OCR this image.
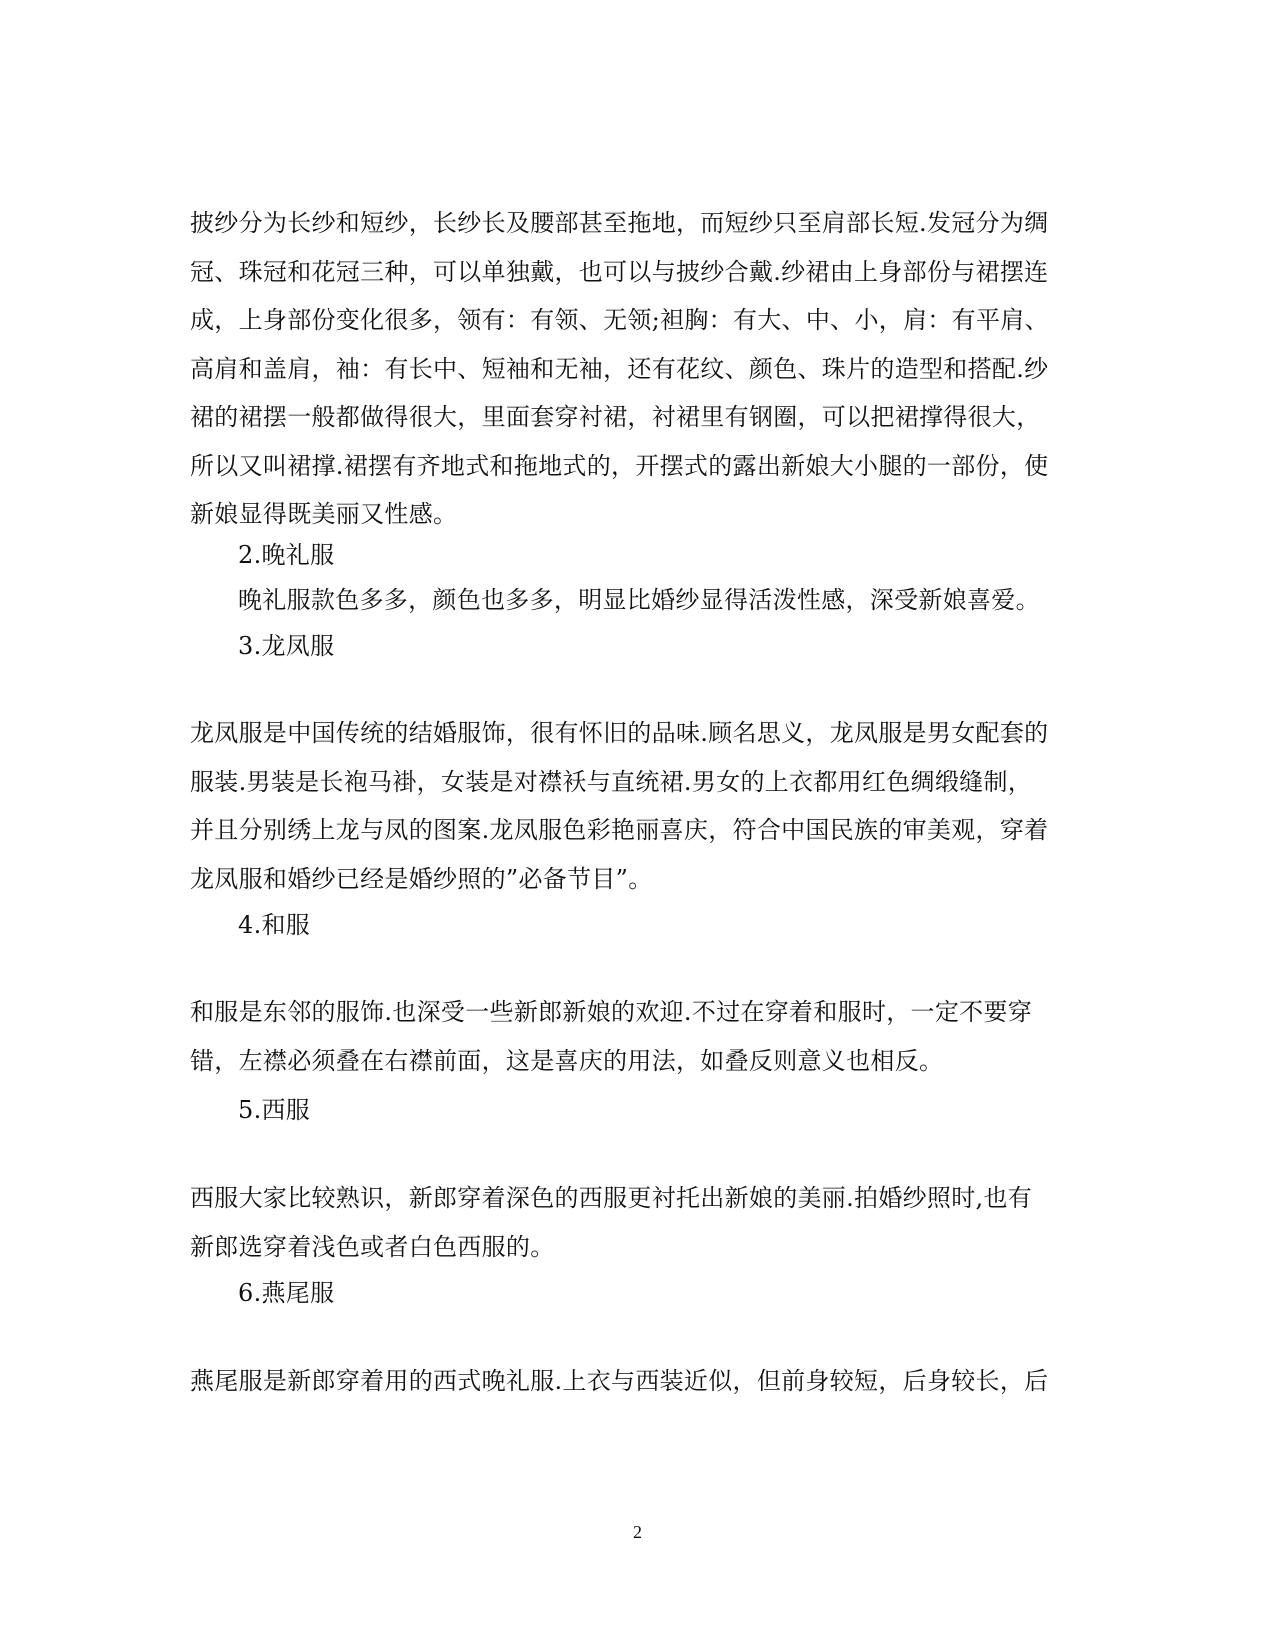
披纱分为长纱和短纱，长纱长及腰部甚至拖地，而短纱只至肩部长短.发冠分为绸
冠、珠冠和花冠三种，可以单独戴，也可以与披纱合戴.纱裙由上身部份与裙摆连
成，上身部份变化很多，领有：有领、无领;袒胸：有大、中、小，肩：有平肩、
高肩和盖肩，袖：有长中、短袖和无袖，还有花纹、颜色、珠片的造型和搭配.纱
裙的裙摆一般都做得很大，里面套穿衬裙，衬裙里有钢圈，可以把裙撑得很大，
所以又叫裙撑.裙摆有齐地式和拖地式的，开摆式的露出新娘大小腿的一部份，使
新娘显得既美丽又性感。
2.晚礼服
晚礼服款色多多，颜色也多多，明显比婚纱显得活泼性感，深受新娘喜爱。
3.龙凤服
龙凤服是中国传统的结婚服饰，很有怀旧的品味.顾名思义，龙凤服是男女配套的
服装.男装是长袍马褂，女装是对襟袄与直统裙.男女的上衣都用红色绸缎缝制，
并且分别绣上龙与凤的图案.龙凤服色彩艳丽喜庆，符合中国民族的审美观，穿着
龙凤服和婚纱已经是婚纱照的”必备节目”。
4.和服
和服是东邻的服饰.也深受一些新郎新娘的欢迎.不过在穿着和服时，一定不要穿
错，左襟必须叠在右襟前面，这是喜庆的用法，如叠反则意义也相反。
5.西服
西服大家比较熟识，新郎穿着深色的西服更衬托出新娘的美丽.拍婚纱照时,也有
新郎选穿着浅色或者白色西服的。
6.燕尾服
燕尾服是新郎穿着用的西式晚礼服.上衣与西装近似，但前身较短，后身较长，后
2
